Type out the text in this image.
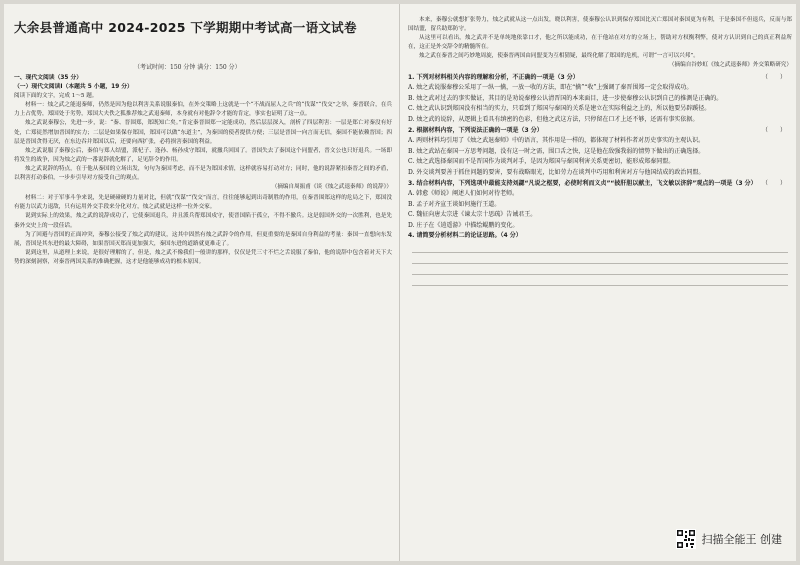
大余县普通高中 2024-2025 下学期期中考试高一语文试卷
（考试时间：150 分钟 满分：150 分）

一、现代文阅读（35 分）

（一）现代文阅读Ⅰ（本题共 5 小题，19 分）

阅读下面的文字，完成 1～5 题。

材料一：烛之武之能退秦师，仍然是因为他以利害关系说服秦伯，在外交策略上这就是一个“不战而屈人之兵”的“伐谋”“伐交”之举，秦晋联合，在兵力上占优势，郑国处于劣势，郑国大夫佚之狐推荐烛之武退秦师，本身就有对他辞令才能的肯定，事实也证明了这一点。

烛之武说秦穆公，先进一步，说：“秦、晋围郑，郑既知亡矣。”肯定秦晋围郑一定能成功，然后层层深入，剖析了四层利害：一层是郑亡对秦没有好处，亡郑徒然增加晋国的实力；二层是如果保存郑国，郑国可以做“东道主”，为秦国的使者提供方便；三层是晋国一向言而无信，秦国不能依赖晋国；四层是晋国贪得无厌，在东边吞并郑国以后，还要向西扩张，必将损害秦国的利益。

烛之武说服了秦穆公后，秦伯与郑人结盟，派杞子、逢孙、杨孙戍守郑国，就撤兵回国了。晋国失去了秦国这个同盟者，晋文公也只好退兵。一场即将发生的战争，因为烛之武的一番说辞就化解了，足见辞令的作用。

烛之武说辞的特点，在于他从秦国的立场出发，句句为秦国考虑，而不是为郑国求情，这样就容易打动对方；同时，他的说辞紧扣秦晋之间的矛盾，以利害打动秦伯，一步步引导对方接受自己的观点。

（摘编自周振甫《谈《烛之武退秦师》的说辞》）

材料二：对于军事斗争来说，先是硬碰硬的力量对比，但就“伐谋”“伐交”而言，往往能够起到出奇制胜的作用，在秦晋围郑这样的危局之下，郑国没有能力以武力退敌，只有运用外交手段来分化对方，烛之武就是这样一位外交家。

说到实际上的效果，烛之武的说辞成功了，它使秦国退兵，并且派兵帮郑国戍守，使晋国陷于孤立，不得不撤兵。这是弱国外交的一次胜利，也是先秦外交史上的一段佳话。

为了回避与晋国的正面冲突，秦穆公接受了烛之武的建议，这其中固然有烛之武辞令的作用，但更重要的是秦国自身利益的考量：秦国一直想向东发展，晋国是其东进的最大障碍，如果晋国灭郑而更加强大，秦国东进的道路就更难走了。

说到这里，从道理上来说，是很好理解的了，但是，烛之武不像我们一般讲的那样，仅仅是凭三寸不烂之舌说服了秦伯，他的说辞中包含着对天下大势的深刻洞察，对秦晋两国关系的准确把握，这才是他能够成功的根本原因。

本来，秦穆公就想扩张势力，烛之武就从这一点出发，晓以利害，使秦穆公认识到保存郑国比灭亡郑国对秦国更为有利，于是秦国不但退兵，反而与郑国结盟，留兵助郑防守。

从这里可以看出，烛之武并不是单纯地依靠口才，他之所以能成功，在于他站在对方的立场上，帮助对方权衡利弊，使对方认识到自己的真正利益所在，这正是外交辞令的精髓所在。

烛之武在秦晋之间巧妙地周旋，使秦晋两国由同盟变为互相猜疑，最终化解了郑国的危机，可谓“一言可以兴邦”。

（摘编自谷妙虹《烛之武退秦师》外交策略研究）

（　　）
1. 下列对材料相关内容的理解和分析，不正确的一项是（3 分）

A. 烛之武说服秦穆公采用了一纵一擒，一放一收的方法，即在“擒”“收”上强调了秦晋围郑一定会取得成功。

B. 烛之武对过去的事实做证，其目的是劝说秦穆公认清晋国的本来面目，进一步使秦穆公认识到自己的推测是正确的。

C. 烛之武认识到郑国没有相当的实力，只看到了郑国与秦国的关系是建立在实际利益之上的，所以他要另辟蹊径。

D. 烛之武的说辞，从逻辑上看具有缜密的色彩，但他之武这方法，只停留在口才上还不够，还需有事实依据。

（　　）
2. 根据材料内容，下列说法正确的一项是（3 分）

A. 两则材料均引用了《烛之武退秦师》中的语言，其作用是一样的，都体现了材料作者对历史事实的主观认识。

B. 烛之武站在秦国一方思考问题，没有这一时之需，围口舌之快，这是他在敌强我弱的情势下做出的正确选择。

C. 烛之武选择秦国而不是晋国作为谈判对手，是因为郑国与秦国利害关系更密切，能形成郑秦同盟。

D. 外交谈判要善于抓住问题的要害，要有战略眼光，比如劳力在谈判中巧用和利害对方与他国结成的政治同盟。

（　　）
3. 结合材料内容，下列选项中最能支持刘勰“凡说之枢要，必使时利而义贞”“披肝胆以献主，飞文敏以济辞”观点的一项是（3 分）

A. 韩愈《师说》阐述人们如何对待老师。

B. 孟子对齐宣王谈如何施行王道。

C. 魏征向唐太宗进《谏太宗十思疏》告诫君王。

D. 庄子在《逍遥游》中描绘鲲鹏的变化。

4. 请简要分析材料二的论证思路。（4 分）

扫描全能王 创建
